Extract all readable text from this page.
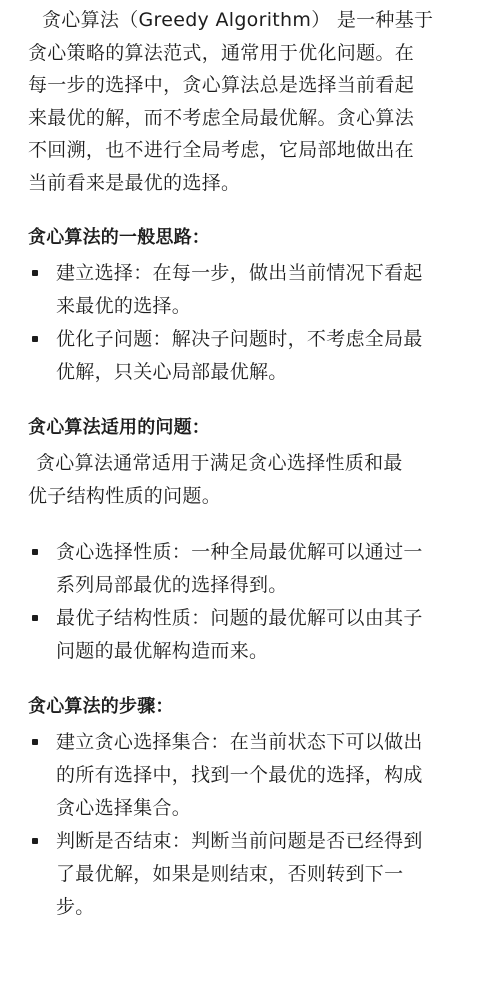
贪心算法（Greedy Algorithm） 是一种基于
贪心策略的算法范式，通常用于优化问题。在
每一步的选择中，贪心算法总是选择当前看起
来最优的解，而不考虑全局最优解。贪心算法
不回溯，也不进行全局考虑，它局部地做出在
当前看来是最优的选择。

贪心算法的一般思路：
建立选择：在每一步，做出当前情况下看起
来最优的选择。
优化子问题：解决子问题时，不考虑全局最
优解，只关心局部最优解。
贪心算法适用的问题：

贪心算法通常适用于满足贪心选择性质和最
优子结构性质的问题。

贪心选择性质：一种全局最优解可以通过一
系列局部最优的选择得到。
最优子结构性质：问题的最优解可以由其子
问题的最优解构造而来。
贪心算法的步骤：
建立贪心选择集合：在当前状态下可以做出
的所有选择中，找到一个最优的选择，构成
贪心选择集合。
判断是否结束：判断当前问题是否已经得到
了最优解，如果是则结束，否则转到下一
步。
